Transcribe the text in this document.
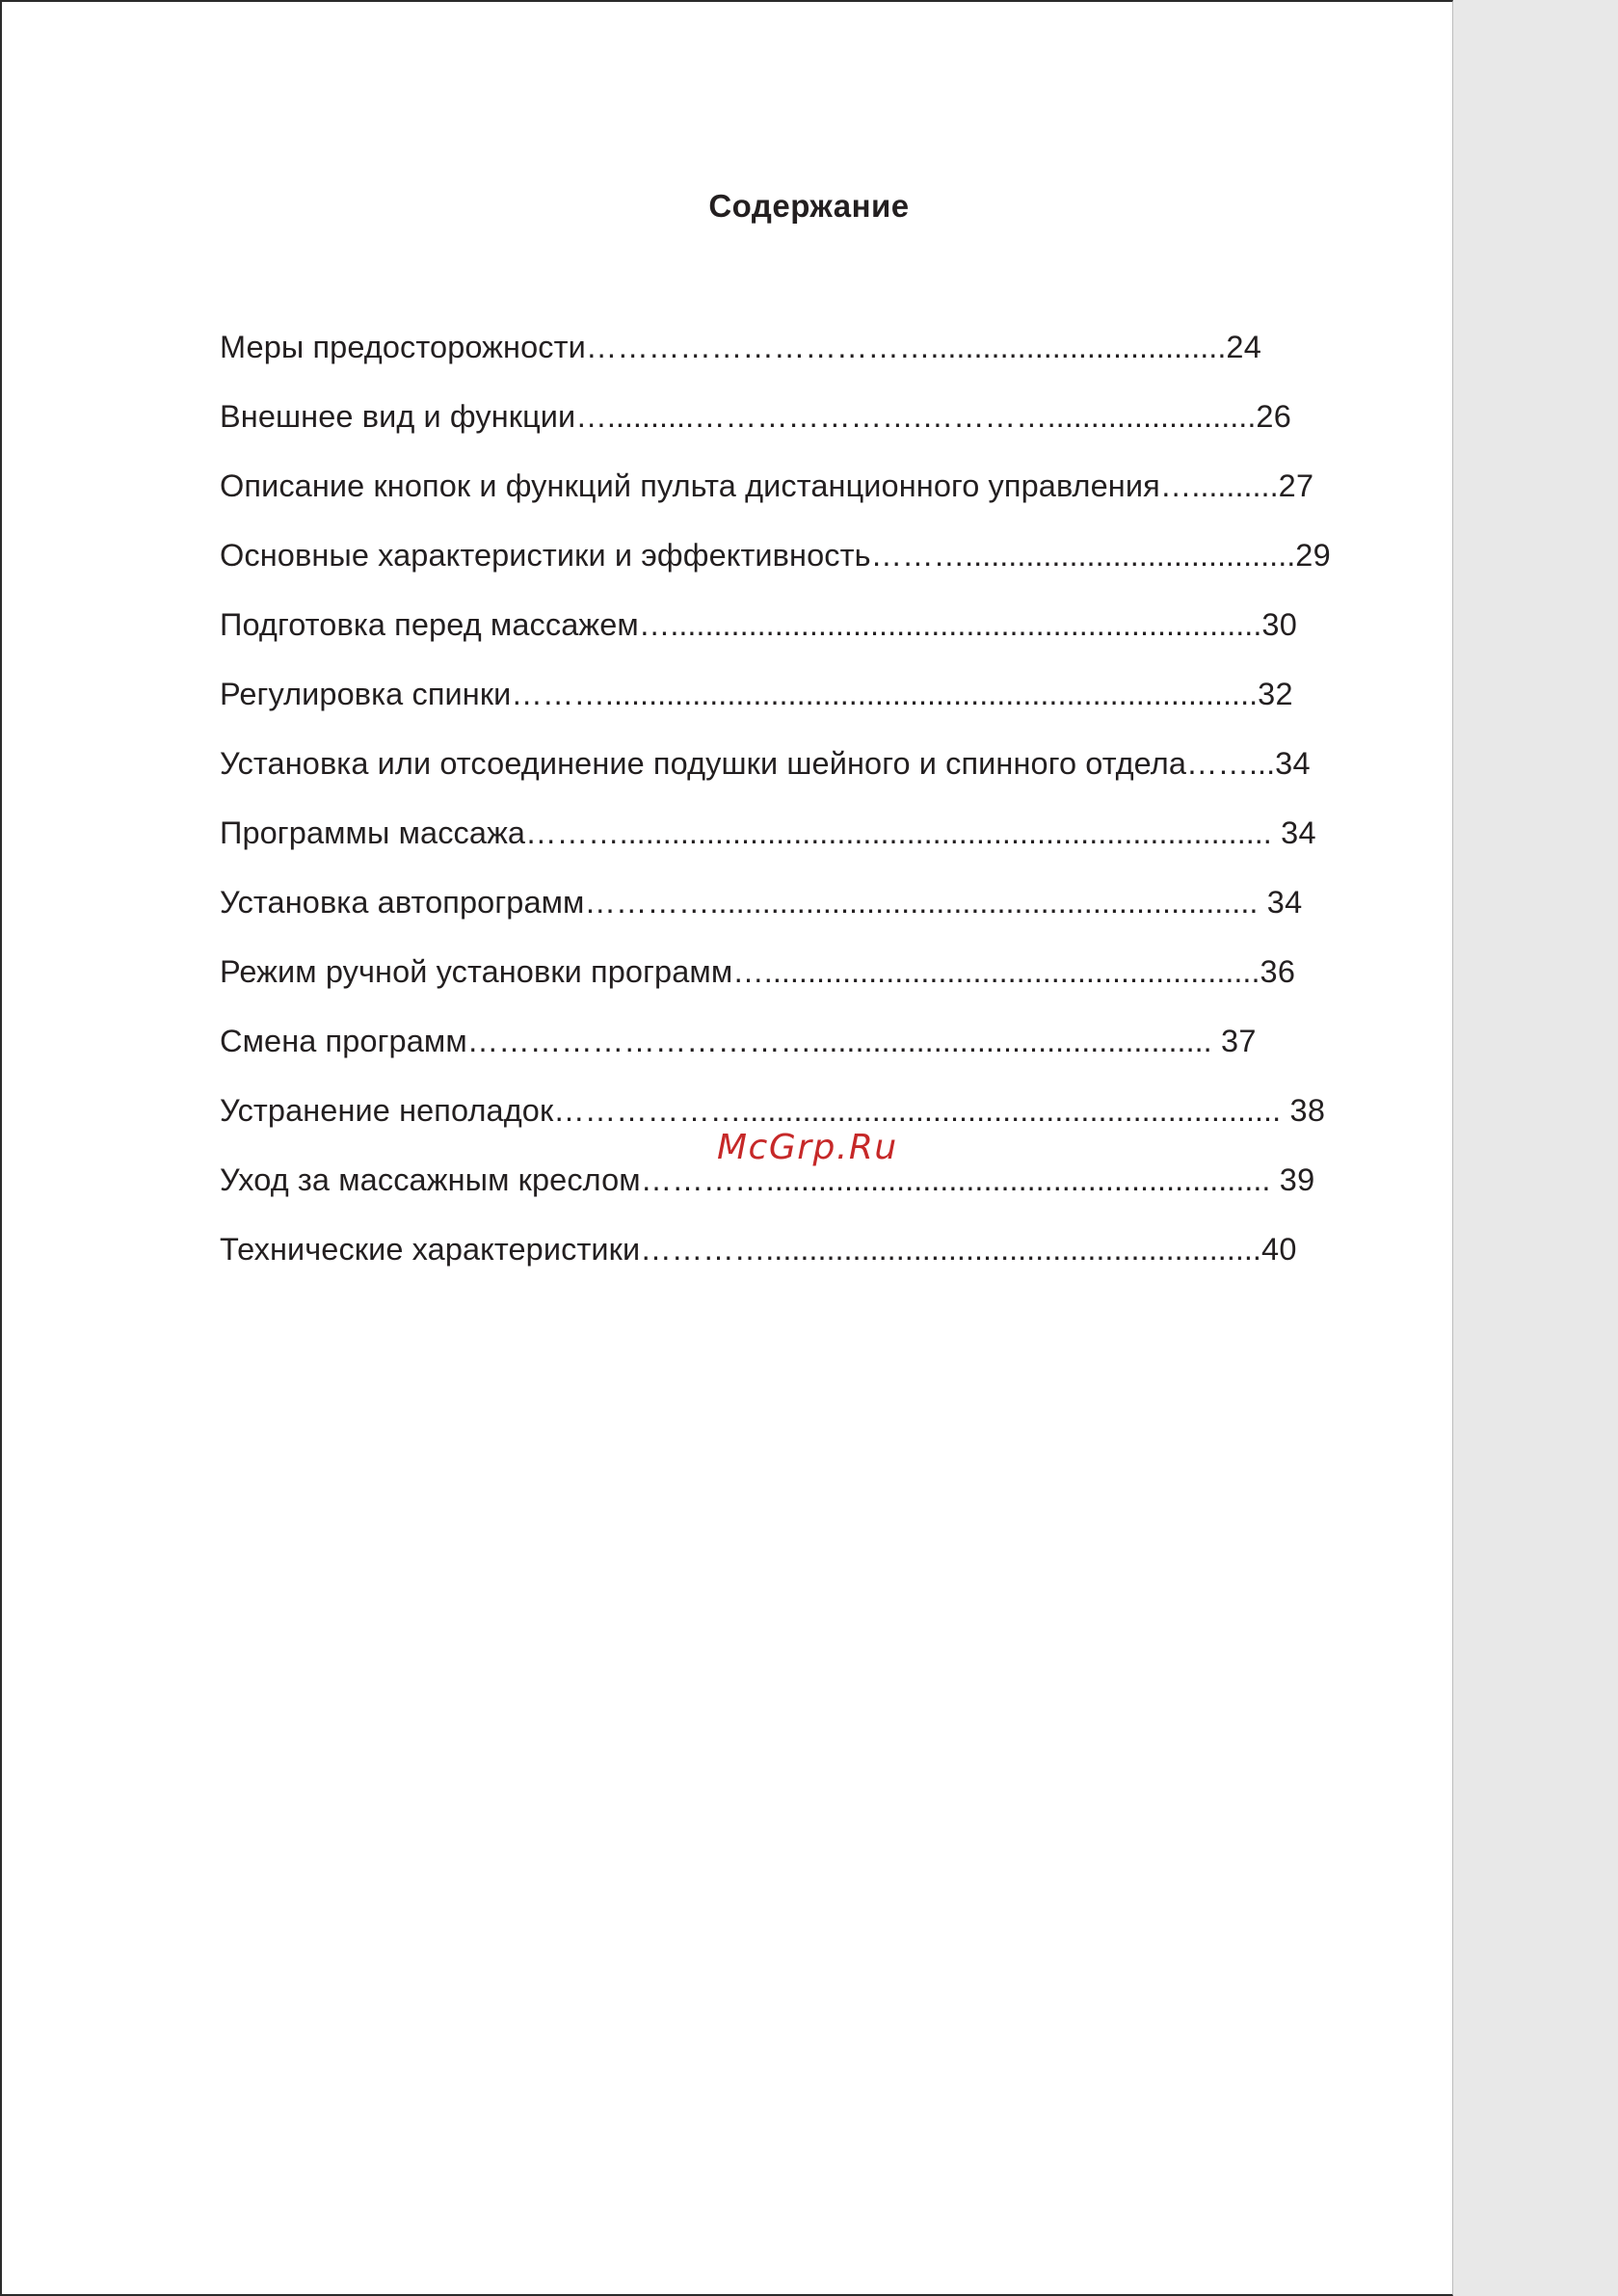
Содержание
Меры предосторожности……………………………..................................24
Внешнее вид и функции…..........………………….…………........................26
Описание кнопок и функций пульта дистанционного управления…..........27
Основные характеристики и эффективность………......................................29
Подготовка перед массажем…....................................................................30
Регулировка спинки………...........................................................................32
Установка или отсоединение подушки шейного и спинного отдела……...34
Программы массажа………........................................................................... 34
Установка автопрограмм…………............................................................... 34
Режим ручной установки программ….........................................................36
Смена программ…………………………….............................................. 37
Устранение неполадок……………….............................................................. 38
Уход за массажным креслом………….......................................................... 39
Технические характеристики………….........................................................40

McGrp.Ru
